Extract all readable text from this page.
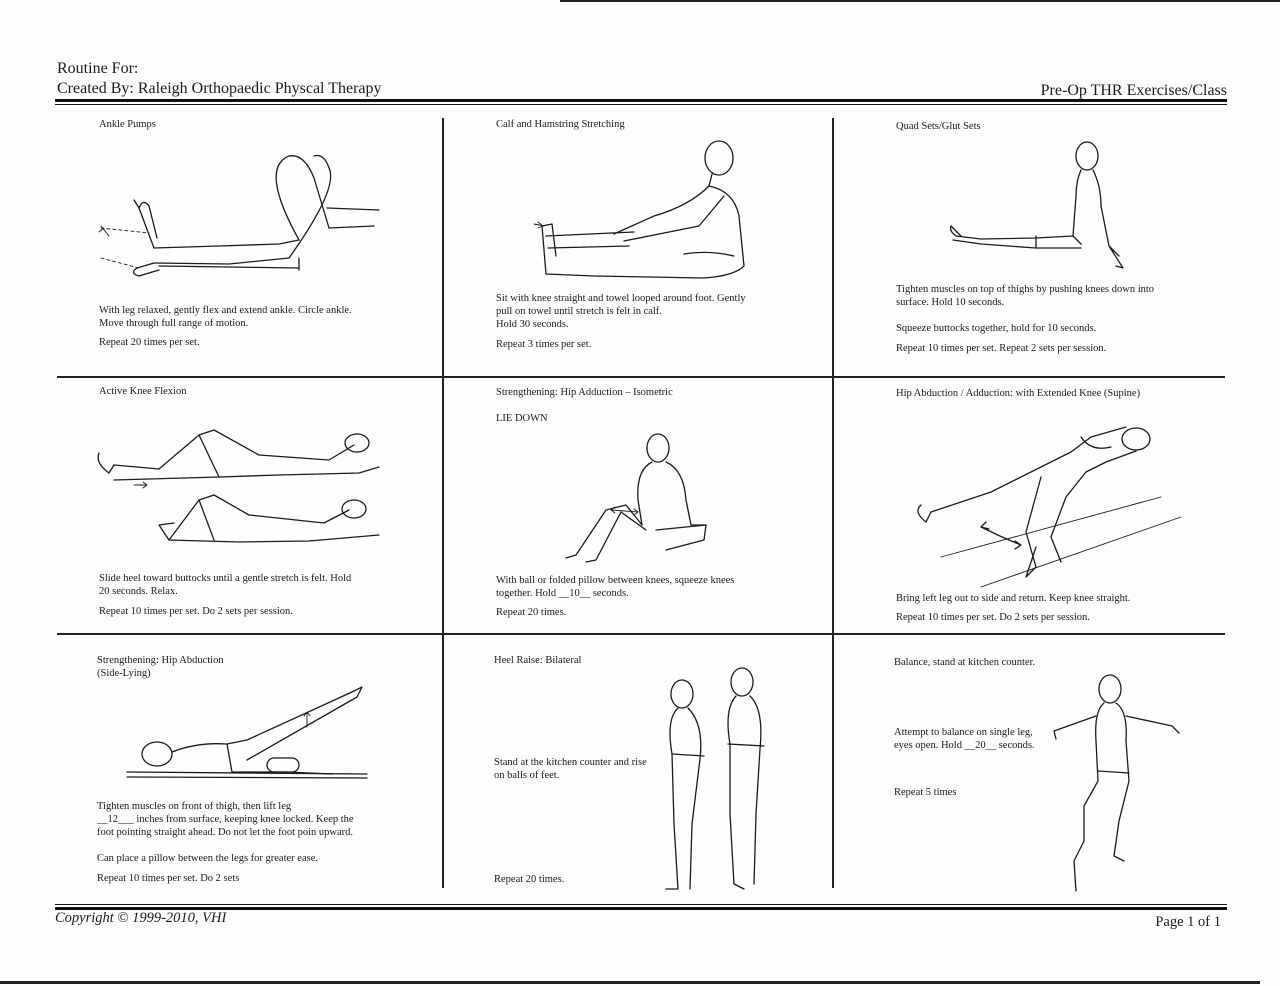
Routine For:
Created By: Raleigh Orthopaedic Physcal Therapy	Pre-Op THR Exercises/Class
Ankle Pumps
With leg relaxed, gently flex and extend ankle. Circle ankle.
Move through full range of motion.
Repeat 20 times per set.
Calf and Hamstring Stretching
Sit with knee straight and towel looped around foot. Gently
pull on towel until stretch is felt in calf.
Hold 30 seconds.
Repeat 3 times per set.
Quad Sets/Glut Sets
Tighten muscles on top of thighs by pushing knees down into
surface. Hold 10 seconds.

Squeeze buttocks together, hold for 10 seconds.
Repeat 10 times per set. Repeat 2 sets per session.
Active Knee Flexion
Slide heel toward buttocks until a gentle stretch is felt. Hold
20 seconds. Relax.
Repeat 10 times per set. Do 2 sets per session.
Strengthening: Hip Adduction – Isometric
LIE DOWN
With ball or folded pillow between knees, squeeze knees
together. Hold __10__ seconds.
Repeat 20 times.
Hip Abduction / Adduction: with Extended Knee (Supine)
Bring left leg out to side and return. Keep knee straight.
Repeat 10 times per set. Do 2 sets per session.
Strengthening: Hip Abduction
(Side-Lying)
Tighten muscles on front of thigh, then lift leg
__12___ inches from surface, keeping knee locked. Keep the
foot pointing straight ahead. Do not let the foot poin upward.

Can place a pillow between the legs for greater ease.
Repeat 10 times per set. Do 2 sets
Heel Raise: Bilateral
Stand at the kitchen counter and rise
on balls of feet.
Repeat 20 times.
Balance, stand at kitchen counter.
Attempt to balance on single leg,
eyes open. Hold __20__ seconds.
Repeat 5 times
Copyright © 1999-2010, VHI	Page 1 of 1
